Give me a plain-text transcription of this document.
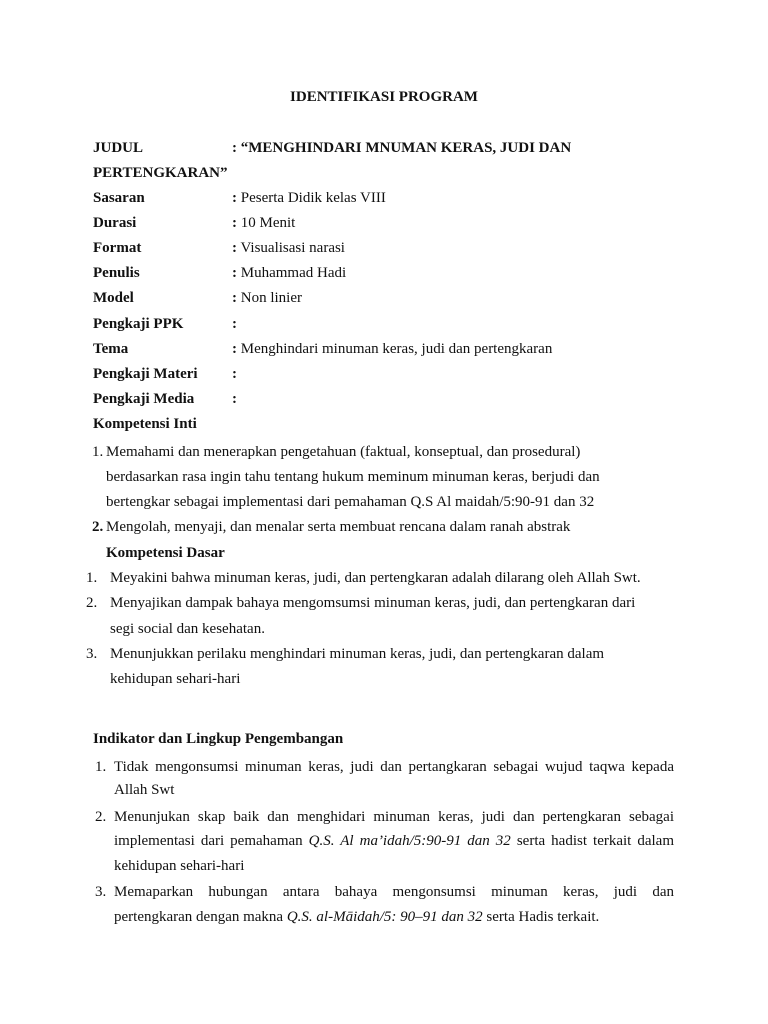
IDENTIFIKASI PROGRAM
JUDUL	: “MENGHINDARI MNUMAN KERAS, JUDI DAN
PERTENGKARAN”
Sasaran	: Peserta Didik kelas VIII
Durasi	: 10 Menit
Format	: Visualisasi narasi
Penulis	: Muhammad Hadi
Model	: Non linier
Pengkaji PPK	:
Tema	: Menghindari minuman keras, judi dan pertengkaran
Pengkaji Materi :
Pengkaji Media	:
Kompetensi Inti
1. Memahami dan menerapkan pengetahuan (faktual, konseptual, dan prosedural)
berdasarkan rasa ingin tahu tentang hukum meminum minuman keras, berjudi dan
bertengkar sebagai implementasi dari pemahaman Q.S Al maidah/5:90-91 dan 32
2. Mengolah, menyaji, dan menalar serta membuat rencana dalam ranah abstrak
Kompetensi Dasar
1. Meyakini bahwa minuman keras, judi, dan pertengkaran adalah dilarang oleh Allah Swt.
2. Menyajikan dampak bahaya mengomsumsi minuman keras, judi, dan pertengkaran dari
segi social dan kesehatan.
3. Menunjukkan perilaku menghindari minuman keras, judi, dan pertengkaran dalam
kehidupan sehari-hari
Indikator dan Lingkup Pengembangan
1. Tidak mengonsumsi minuman keras, judi dan pertangkaran sebagai wujud taqwa kepada
Allah Swt
2. Menunjukan skap baik dan menghidari minuman keras, judi dan pertengkaran sebagai
implementasi dari pemahaman Q.S. Al ma’idah/5:90-91 dan 32 serta hadist terkait dalam
kehidupan sehari-hari
3. Memaparkan hubungan antara bahaya mengonsumsi minuman keras, judi dan
pertengkaran dengan makna Q.S. al-Māidah/5: 90–91 dan 32 serta Hadis terkait.
